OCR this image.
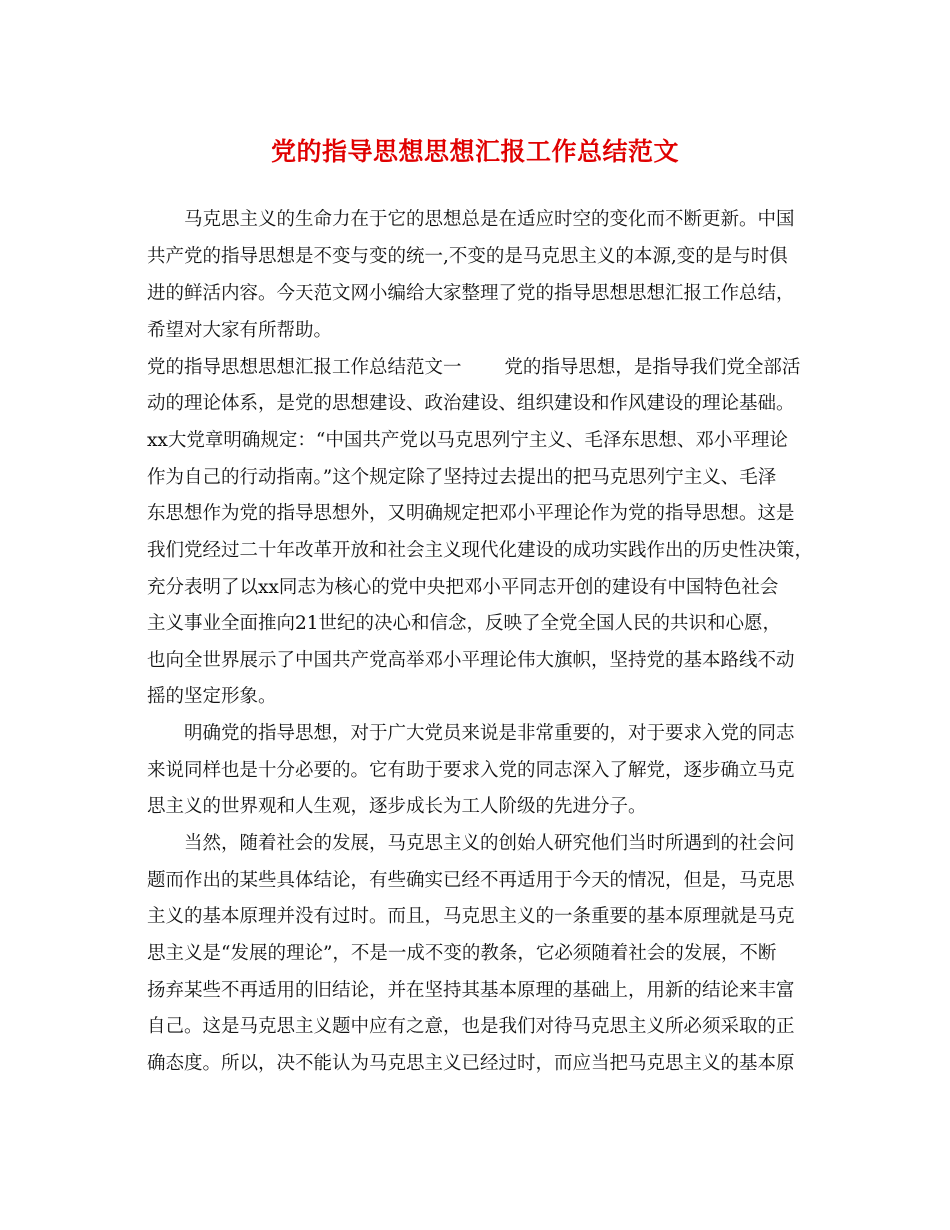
党的指导思想思想汇报工作总结范文

马克思主义的生命力在于它的思想总是在适应时空的变化而不断更新。中国

共产党的指导思想是不变与变的统一,不变的是马克思主义的本源,变的是与时俱

进的鲜活内容。今天范文网小编给大家整理了党的指导思想思想汇报工作总结，

希望对大家有所帮助。

党的指导思想思想汇报工作总结范文一　　 党的指导思想，是指导我们党全部活

动的理论体系，是党的思想建设、政治建设、组织建设和作风建设的理论基础。

xx大党章明确规定：“中国共产党以马克思列宁主义、毛泽东思想、邓小平理论

作为自己的行动指南。”这个规定除了坚持过去提出的把马克思列宁主义、毛泽

东思想作为党的指导思想外，又明确规定把邓小平理论作为党的指导思想。这是

我们党经过二十年改革开放和社会主义现代化建设的成功实践作出的历史性决策，

充分表明了以xx同志为核心的党中央把邓小平同志开创的建设有中国特色社会

主义事业全面推向21世纪的决心和信念，反映了全党全国人民的共识和心愿，

也向全世界展示了中国共产党高举邓小平理论伟大旗帜，坚持党的基本路线不动

摇的坚定形象。

明确党的指导思想，对于广大党员来说是非常重要的，对于要求入党的同志

来说同样也是十分必要的。它有助于要求入党的同志深入了解党，逐步确立马克

思主义的世界观和人生观，逐步成长为工人阶级的先进分子。

当然，随着社会的发展，马克思主义的创始人研究他们当时所遇到的社会问

题而作出的某些具体结论，有些确实已经不再适用于今天的情况，但是，马克思

主义的基本原理并没有过时。而且，马克思主义的一条重要的基本原理就是马克

思主义是“发展的理论”，不是一成不变的教条，它必须随着社会的发展，不断

扬弃某些不再适用的旧结论，并在坚持其基本原理的基础上，用新的结论来丰富

自己。这是马克思主义题中应有之意，也是我们对待马克思主义所必须采取的正

确态度。所以，决不能认为马克思主义已经过时，而应当把马克思主义的基本原
